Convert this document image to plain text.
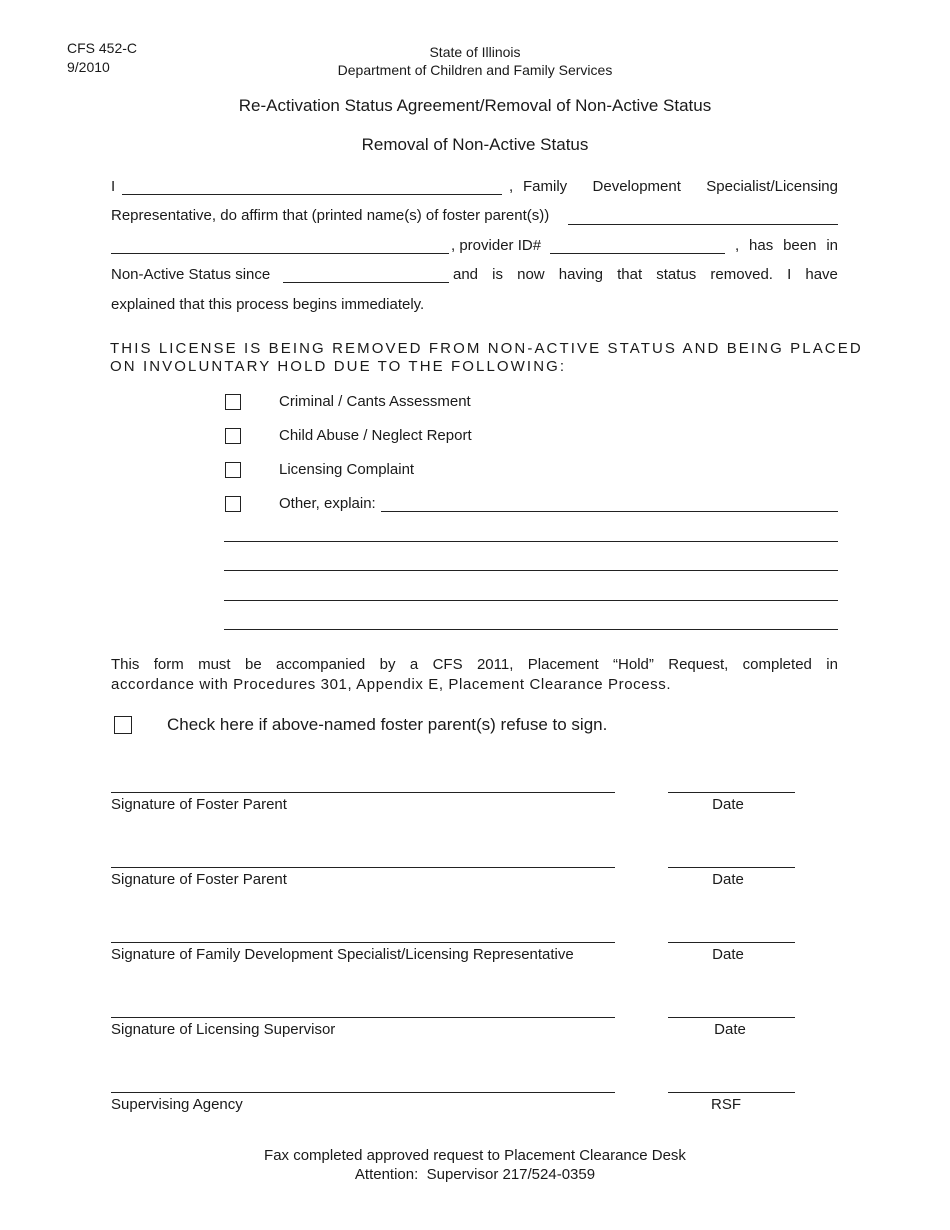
CFS 452-C
9/2010
State of Illinois
Department of Children and Family Services
Re-Activation Status Agreement/Removal of Non-Active Status
Removal of Non-Active Status
I	, Family Development Specialist/Licensing
Representative, do affirm that (printed name(s) of foster parent(s))
, provider ID#	, has been in
Non-Active Status since	and is now having that status removed. I have
explained that this process begins immediately.
THIS LICENSE IS BEING REMOVED FROM NON-ACTIVE STATUS AND BEING PLACED
ON INVOLUNTARY HOLD DUE TO THE FOLLOWING:
Criminal / Cants Assessment
Child Abuse / Neglect Report
Licensing Complaint
Other, explain:
This form must be accompanied by a CFS 2011, Placement “Hold” Request, completed in
accordance with Procedures 301, Appendix E, Placement Clearance Process.
Check here if above-named foster parent(s) refuse to sign.
Signature of Foster Parent	Date
Signature of Foster Parent	Date
Signature of Family Development Specialist/Licensing Representative	Date
Signature of Licensing Supervisor	Date
Supervising Agency	RSF
Fax completed approved request to Placement Clearance Desk
Attention:  Supervisor 217/524-0359
